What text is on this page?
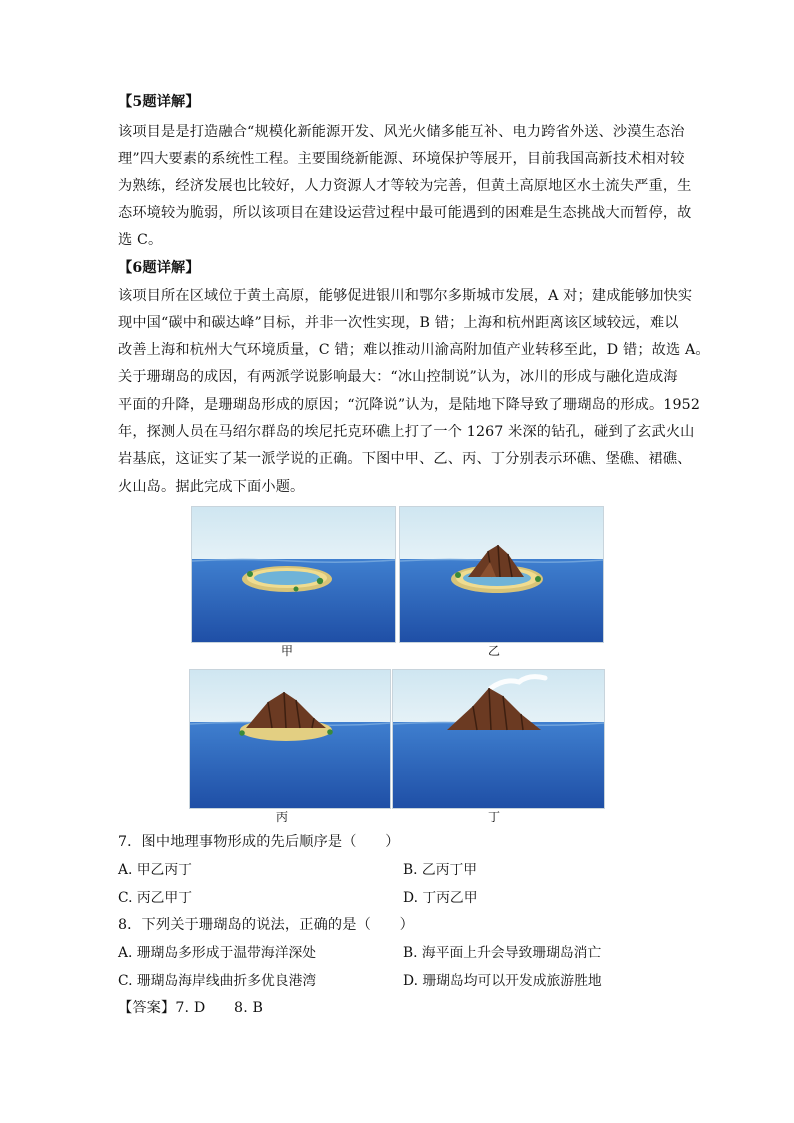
【5题详解】
该项目是是打造融合“规模化新能源开发、风光火储多能互补、电力跨省外送、沙漠生态治
理”四大要素的系统性工程。主要围绕新能源、环境保护等展开，目前我国高新技术相对较
为熟练，经济发展也比较好，人力资源人才等较为完善，但黄土高原地区水土流失严重，生
态环境较为脆弱，所以该项目在建设运营过程中最可能遇到的困难是生态挑战大而暂停，故
选 C。
【6题详解】
该项目所在区域位于黄土高原，能够促进银川和鄂尔多斯城市发展，A 对；建成能够加快实
现中国“碳中和碳达峰”目标，并非一次性实现，B 错；上海和杭州距离该区域较远，难以
改善上海和杭州大气环境质量，C 错；难以推动川渝高附加值产业转移至此，D 错；故选 A。
关于珊瑚岛的成因，有两派学说影响最大：“冰山控制说”认为，冰川的形成与融化造成海
平面的升降，是珊瑚岛形成的原因；“沉降说”认为，是陆地下降导致了珊瑚岛的形成。1952
年，探测人员在马绍尔群岛的埃尼托克环礁上打了一个 1267 米深的钻孔，碰到了玄武火山
岩基底，这证实了某一派学说的正确。下图中甲、乙、丙、丁分别表示环礁、堡礁、裙礁、
火山岛。据此完成下面小题。
甲	乙
丙	丁
7．图中地理事物形成的先后顺序是（　　）
A. 甲乙丙丁	B. 乙丙丁甲
C. 丙乙甲丁	D. 丁丙乙甲
8．下列关于珊瑚岛的说法，正确的是（　　）
A. 珊瑚岛多形成于温带海洋深处	B. 海平面上升会导致珊瑚岛消亡
C. 珊瑚岛海岸线曲折多优良港湾	D. 珊瑚岛均可以开发成旅游胜地
【答案】7. D　　8. B
